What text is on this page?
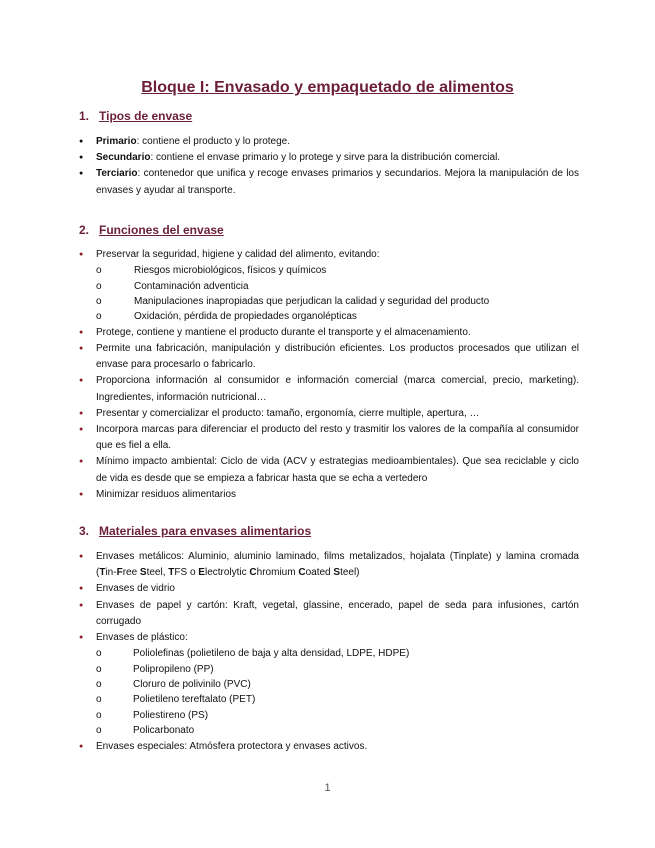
Bloque I: Envasado y empaquetado de alimentos
1. Tipos de envase
● Primario: contiene el producto y lo protege.
● Secundario: contiene el envase primario y lo protege y sirve para la distribución comercial.
● Terciario: contenedor que unifica y recoge envases primarios y secundarios. Mejora la manipulación de los envases y ayudar al transporte.
2. Funciones del envase
● Preservar la seguridad, higiene y calidad del alimento, evitando:
o	Riesgos microbiológicos, físicos y químicos
o	Contaminación adventicia
o	Manipulaciones inapropiadas que perjudican la calidad y seguridad del producto
o	Oxidación, pérdida de propiedades organolépticas
● Protege, contiene y mantiene el producto durante el transporte y el almacenamiento.
● Permite una fabricación, manipulación y distribución eficientes. Los productos procesados que utilizan el envase para procesarlo o fabricarlo.
● Proporciona información al consumidor e información comercial (marca comercial, precio, marketing). Ingredientes, información nutricional…
● Presentar y comercializar el producto: tamaño, ergonomía, cierre multiple, apertura, …
● Incorpora marcas para diferenciar el producto del resto y trasmitir los valores de la compañía al consumidor que es fiel a ella.
● Mínimo impacto ambiental: Ciclo de vida (ACV y estrategias medioambientales). Que sea reciclable y ciclo de vida es desde que se empieza a fabricar hasta que se echa a vertedero
● Minimizar residuos alimentarios
3. Materiales para envases alimentarios
● Envases metálicos: Aluminio, aluminio laminado, films metalizados, hojalata (Tinplate) y lamina cromada (Tin-Free Steel, TFS o Electrolytic Chromium Coated Steel)
● Envases de vidrio
● Envases de papel y cartón: Kraft, vegetal, glassine, encerado, papel de seda para infusiones, cartón corrugado
● Envases de plástico:
o	Poliolefinas (polietileno de baja y alta densidad, LDPE, HDPE)
o	Polipropileno (PP)
o	Cloruro de polivinilo (PVC)
o	Polietileno tereftalato (PET)
o	Poliestireno (PS)
o	Policarbonato
● Envases especiales: Atmósfera protectora y envases activos.
1
